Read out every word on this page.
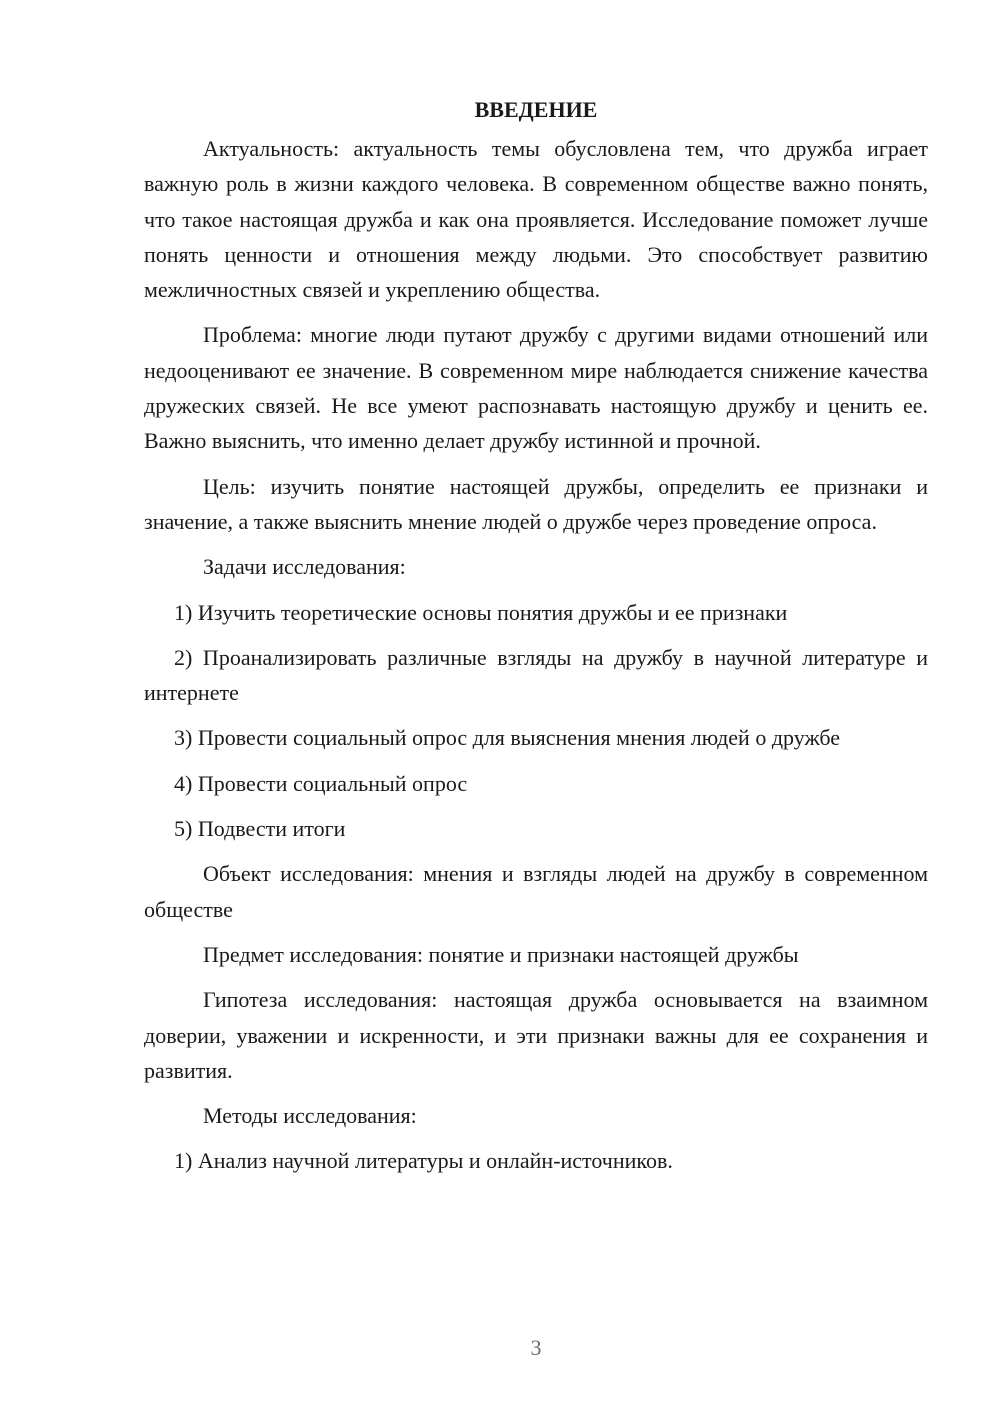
ВВЕДЕНИЕ

Актуальность: актуальность темы обусловлена тем, что дружба играет важную роль в жизни каждого человека. В современном обществе важно понять, что такое настоящая дружба и как она проявляется. Исследование поможет лучше понять ценности и отношения между людьми. Это способствует развитию межличностных связей и укреплению общества.

Проблема: многие люди путают дружбу с другими видами отношений или недооценивают ее значение. В современном мире наблюдается снижение качества дружеских связей. Не все умеют распознавать настоящую дружбу и ценить ее. Важно выяснить, что именно делает дружбу истинной и прочной.

Цель: изучить понятие настоящей дружбы, определить ее признаки и значение, а также выяснить мнение людей о дружбе через проведение опроса.

Задачи исследования:

1) Изучить теоретические основы понятия дружбы и ее признаки

2) Проанализировать различные взгляды на дружбу в научной литературе и интернете

3) Провести социальный опрос для выяснения мнения людей о дружбе

4) Провести социальный опрос

5) Подвести итоги

Объект исследования: мнения и взгляды людей на дружбу в современном обществе

Предмет исследования: понятие и признаки настоящей дружбы

Гипотеза исследования: настоящая дружба основывается на взаимном доверии, уважении и искренности, и эти признаки важны для ее сохранения и развития.

Методы исследования:

1) Анализ научной литературы и онлайн-источников.

3
